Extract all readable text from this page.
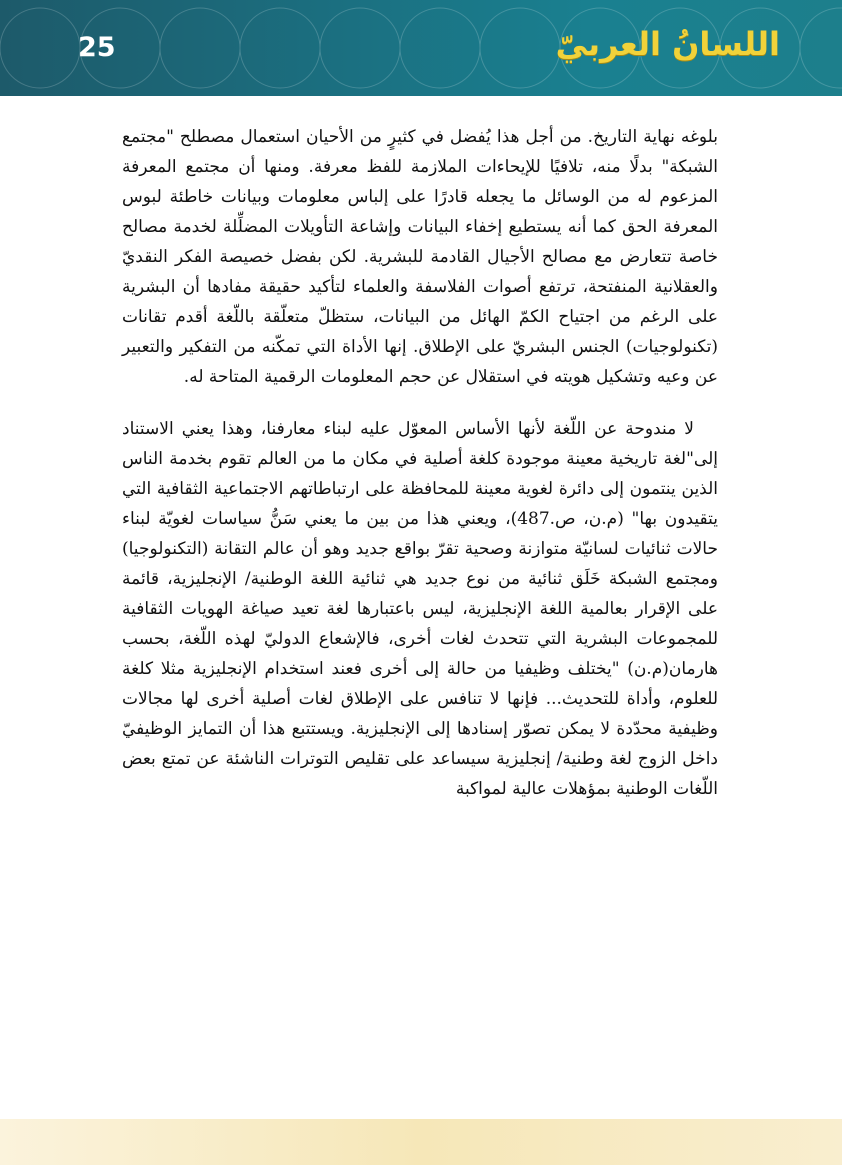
25	اللسانُ العربيّ

بلوغه نهاية التاريخ. من أجل هذا يُفضل في كثيرٍ من الأحيان استعمال مصطلح "مجتمع الشبكة" بدلًا منه، تلافيًا للإيحاءات الملازمة للفظ معرفة. ومنها أن مجتمع المعرفة المزعوم له من الوسائل ما يجعله قادرًا على إلباس معلومات وبيانات خاطئة لبوس المعرفة الحق كما أنه يستطيع إخفاء البيانات وإشاعة التأويلات المضلِّلة لخدمة مصالح خاصة تتعارض مع مصالح الأجيال القادمة للبشرية. لكن بفضل خصيصة الفكر النقديّ والعقلانية المنفتحة، ترتفع أصوات الفلاسفة والعلماء لتأكيد حقيقة مفادها أن البشرية على الرغم من اجتياح الكمّ الهائل من البيانات، ستظلّ متعلّقة باللّغة أقدم تقانات (تكنولوجيات) الجنس البشريّ على الإطلاق. إنها الأداة التي تمكّنه من التفكير والتعبير عن وعيه وتشكيل هويته في استقلال عن حجم المعلومات الرقمية المتاحة له.

لا مندوحة عن اللّغة لأنها الأساس المعوّل عليه لبناء معارفنا، وهذا يعني الاستناد إلى"لغة تاريخية معينة موجودة كلغة أصلية في مكان ما من العالم تقوم بخدمة الناس الذين ينتمون إلى دائرة لغوية معينة للمحافظة على ارتباطاتهم الاجتماعية الثقافية التي يتقيدون بها" (م.ن، ص.487)، ويعني هذا من بين ما يعني سَنُّ سياسات لغويّة لبناء حالات ثنائيات لسانيّة متوازنة وصحية تقرّ بواقع جديد وهو أن عالم التقانة (التكنولوجيا) ومجتمع الشبكة خَلَق ثنائية من نوع جديد هي ثنائية اللغة الوطنية/ الإنجليزية، قائمة على الإقرار بعالمية اللغة الإنجليزية، ليس باعتبارها لغة تعيد صياغة الهويات الثقافية للمجموعات البشرية التي تتحدث لغات أخرى، فالإشعاع الدوليّ لهذه اللّغة، بحسب هارمان(م.ن) "يختلف وظيفيا من حالة إلى أخرى فعند استخدام الإنجليزية مثلا كلغة للعلوم، وأداة للتحديث... فإنها لا تنافس على الإطلاق لغات أصلية أخرى لها مجالات وظيفية محدّدة لا يمكن تصوّر إسنادها إلى الإنجليزية. ويستتبع هذا أن التمايز الوظيفيّ داخل الزوج لغة وطنية/ إنجليزية سيساعد على تقليص التوترات الناشئة عن تمتع بعض اللّغات الوطنية بمؤهلات عالية لمواكبة
